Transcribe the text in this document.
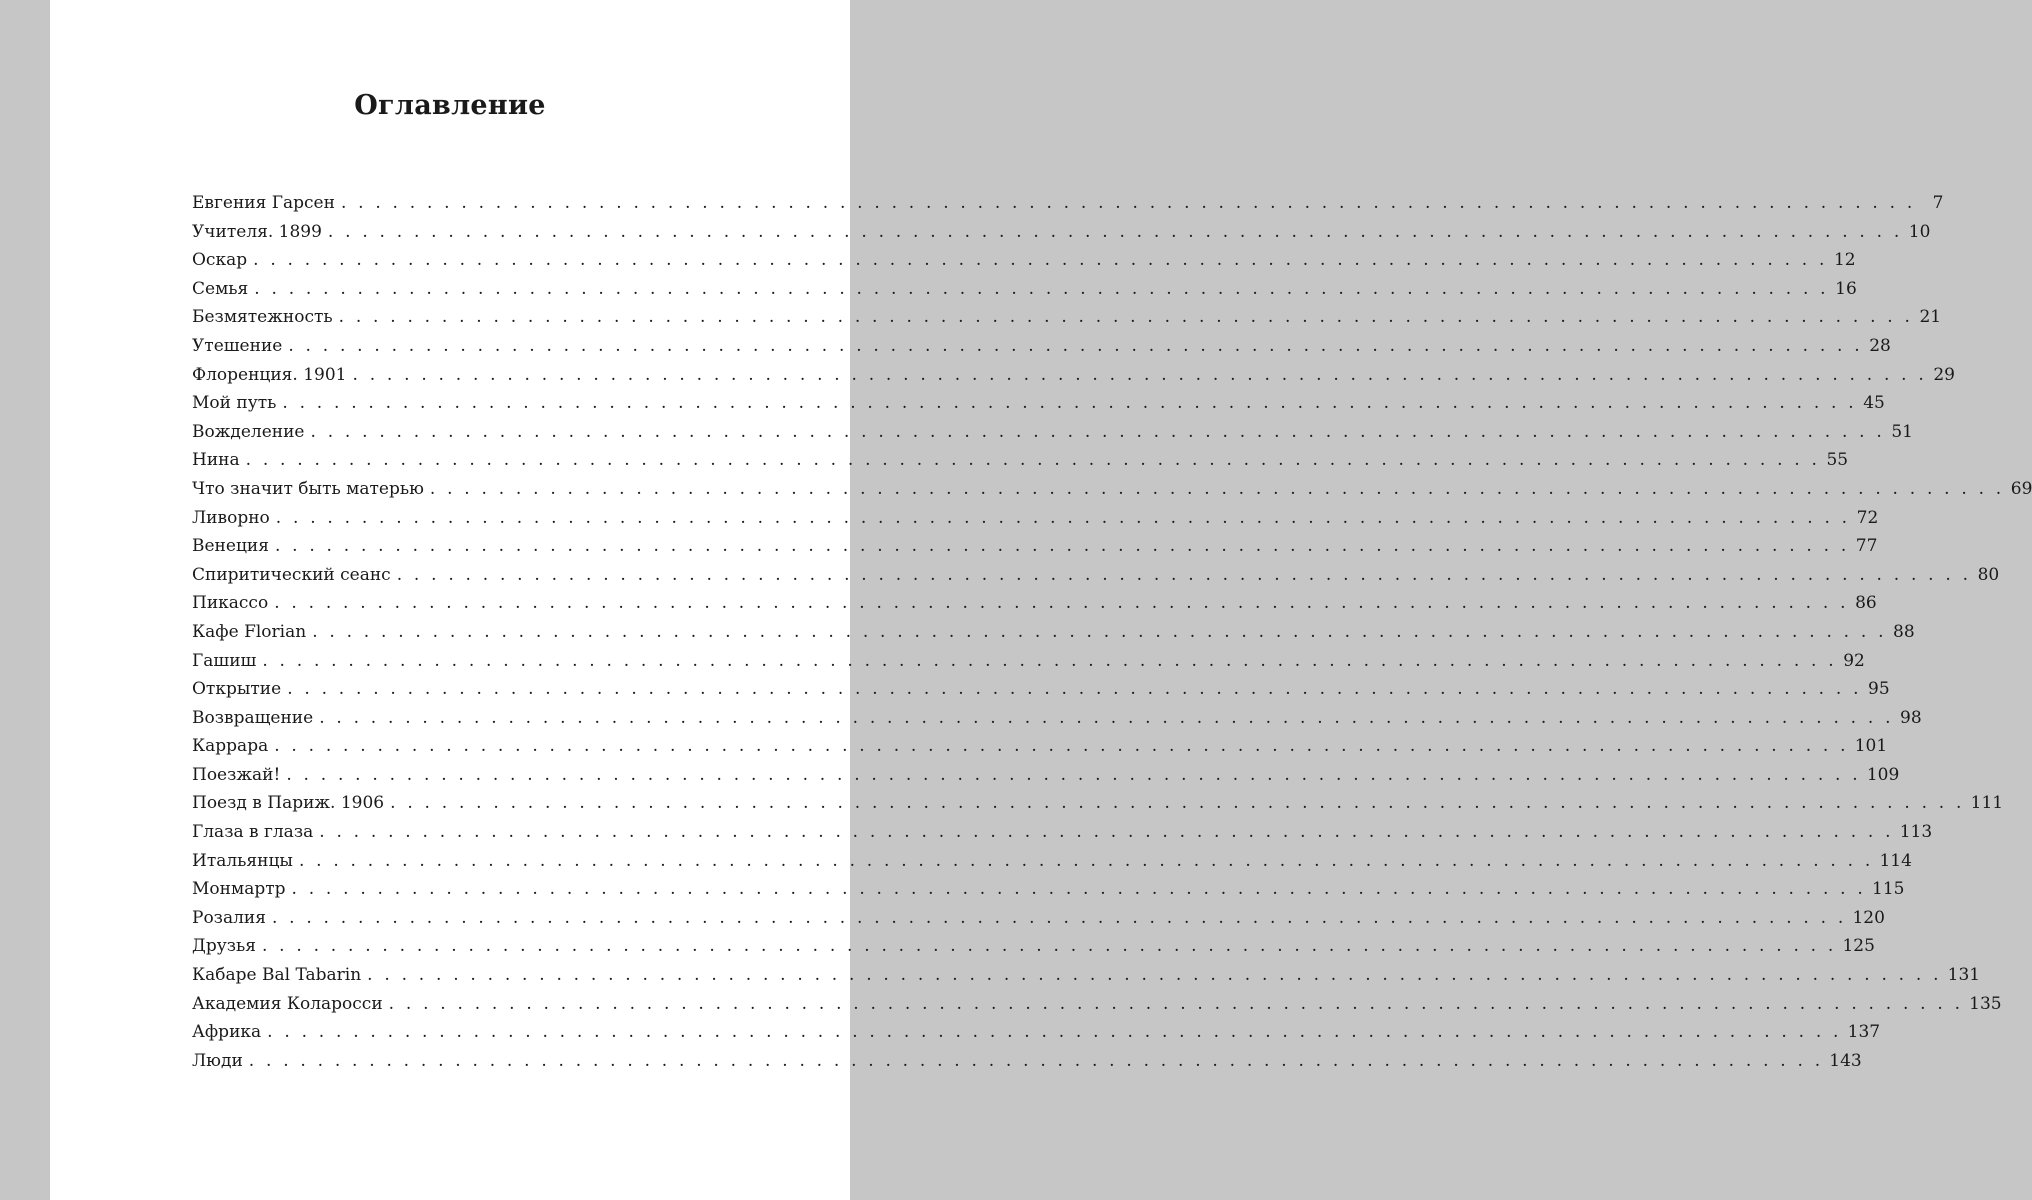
Оглавление
Евгения Гарсен . . . . . . . . . . . . . . . . . . . . . . . . . . . . . . . . . . . . . . . . . . . . . . . . . . . . . . . . . . . . . . . . . . . . . . . . . . . . . . . . . . . . . . . . . . . .	7
Учителя. 1899 . . . . . . . . . . . . . . . . . . . . . . . . . . . . . . . . . . . . . . . . . . . . . . . . . . . . . . . . . . . . . . . . . . . . . . . . . . . . . . . . . . . . . . . . . . . . 10
Оскар . . . . . . . . . . . . . . . . . . . . . . . . . . . . . . . . . . . . . . . . . . . . . . . . . . . . . . . . . . . . . . . . . . . . . . . . . . . . . . . . . . . . . . . . . . . . 12
Семья . . . . . . . . . . . . . . . . . . . . . . . . . . . . . . . . . . . . . . . . . . . . . . . . . . . . . . . . . . . . . . . . . . . . . . . . . . . . . . . . . . . . . . . . . . . . 16
Безмятежность . . . . . . . . . . . . . . . . . . . . . . . . . . . . . . . . . . . . . . . . . . . . . . . . . . . . . . . . . . . . . . . . . . . . . . . . . . . . . . . . . . . . . . . . . . . . 21
Утешение . . . . . . . . . . . . . . . . . . . . . . . . . . . . . . . . . . . . . . . . . . . . . . . . . . . . . . . . . . . . . . . . . . . . . . . . . . . . . . . . . . . . . . . . . . . . 28
Флоренция. 1901 . . . . . . . . . . . . . . . . . . . . . . . . . . . . . . . . . . . . . . . . . . . . . . . . . . . . . . . . . . . . . . . . . . . . . . . . . . . . . . . . . . . . . . . . . . . . 29
Мой путь . . . . . . . . . . . . . . . . . . . . . . . . . . . . . . . . . . . . . . . . . . . . . . . . . . . . . . . . . . . . . . . . . . . . . . . . . . . . . . . . . . . . . . . . . . . . 45
Вожделение . . . . . . . . . . . . . . . . . . . . . . . . . . . . . . . . . . . . . . . . . . . . . . . . . . . . . . . . . . . . . . . . . . . . . . . . . . . . . . . . . . . . . . . . . . . . 51
Нина . . . . . . . . . . . . . . . . . . . . . . . . . . . . . . . . . . . . . . . . . . . . . . . . . . . . . . . . . . . . . . . . . . . . . . . . . . . . . . . . . . . . . . . . . . . . 55
Что значит быть матерью . . . . . . . . . . . . . . . . . . . . . . . . . . . . . . . . . . . . . . . . . . . . . . . . . . . . . . . . . . . . . . . . . . . . . . . . . . . . . . . . . . . . . . . . . . . . 69
Ливорно . . . . . . . . . . . . . . . . . . . . . . . . . . . . . . . . . . . . . . . . . . . . . . . . . . . . . . . . . . . . . . . . . . . . . . . . . . . . . . . . . . . . . . . . . . . . 72
Венеция . . . . . . . . . . . . . . . . . . . . . . . . . . . . . . . . . . . . . . . . . . . . . . . . . . . . . . . . . . . . . . . . . . . . . . . . . . . . . . . . . . . . . . . . . . . . 77
Спиритический сеанс . . . . . . . . . . . . . . . . . . . . . . . . . . . . . . . . . . . . . . . . . . . . . . . . . . . . . . . . . . . . . . . . . . . . . . . . . . . . . . . . . . . . . . . . . . . . 80
Пикассо . . . . . . . . . . . . . . . . . . . . . . . . . . . . . . . . . . . . . . . . . . . . . . . . . . . . . . . . . . . . . . . . . . . . . . . . . . . . . . . . . . . . . . . . . . . . 86
Кафе Florian . . . . . . . . . . . . . . . . . . . . . . . . . . . . . . . . . . . . . . . . . . . . . . . . . . . . . . . . . . . . . . . . . . . . . . . . . . . . . . . . . . . . . . . . . . . . 88
Гашиш . . . . . . . . . . . . . . . . . . . . . . . . . . . . . . . . . . . . . . . . . . . . . . . . . . . . . . . . . . . . . . . . . . . . . . . . . . . . . . . . . . . . . . . . . . . . 92
Открытие . . . . . . . . . . . . . . . . . . . . . . . . . . . . . . . . . . . . . . . . . . . . . . . . . . . . . . . . . . . . . . . . . . . . . . . . . . . . . . . . . . . . . . . . . . . . 95
Возвращение . . . . . . . . . . . . . . . . . . . . . . . . . . . . . . . . . . . . . . . . . . . . . . . . . . . . . . . . . . . . . . . . . . . . . . . . . . . . . . . . . . . . . . . . . . . . 98
Каррара . . . . . . . . . . . . . . . . . . . . . . . . . . . . . . . . . . . . . . . . . . . . . . . . . . . . . . . . . . . . . . . . . . . . . . . . . . . . . . . . . . . . . . . . . . . . 101
Поезжай! . . . . . . . . . . . . . . . . . . . . . . . . . . . . . . . . . . . . . . . . . . . . . . . . . . . . . . . . . . . . . . . . . . . . . . . . . . . . . . . . . . . . . . . . . . . . 109
Поезд в Париж. 1906 . . . . . . . . . . . . . . . . . . . . . . . . . . . . . . . . . . . . . . . . . . . . . . . . . . . . . . . . . . . . . . . . . . . . . . . . . . . . . . . . . . . . . . . . . . . . 111
Глаза в глаза . . . . . . . . . . . . . . . . . . . . . . . . . . . . . . . . . . . . . . . . . . . . . . . . . . . . . . . . . . . . . . . . . . . . . . . . . . . . . . . . . . . . . . . . . . . . 113
Итальянцы . . . . . . . . . . . . . . . . . . . . . . . . . . . . . . . . . . . . . . . . . . . . . . . . . . . . . . . . . . . . . . . . . . . . . . . . . . . . . . . . . . . . . . . . . . . . 114
Монмартр . . . . . . . . . . . . . . . . . . . . . . . . . . . . . . . . . . . . . . . . . . . . . . . . . . . . . . . . . . . . . . . . . . . . . . . . . . . . . . . . . . . . . . . . . . . . 115
Розалия . . . . . . . . . . . . . . . . . . . . . . . . . . . . . . . . . . . . . . . . . . . . . . . . . . . . . . . . . . . . . . . . . . . . . . . . . . . . . . . . . . . . . . . . . . . . 120
Друзья . . . . . . . . . . . . . . . . . . . . . . . . . . . . . . . . . . . . . . . . . . . . . . . . . . . . . . . . . . . . . . . . . . . . . . . . . . . . . . . . . . . . . . . . . . . . 125
Кабаре Bal Tabarin . . . . . . . . . . . . . . . . . . . . . . . . . . . . . . . . . . . . . . . . . . . . . . . . . . . . . . . . . . . . . . . . . . . . . . . . . . . . . . . . . . . . . . . . . . . . 131
Академия Коларосси . . . . . . . . . . . . . . . . . . . . . . . . . . . . . . . . . . . . . . . . . . . . . . . . . . . . . . . . . . . . . . . . . . . . . . . . . . . . . . . . . . . . . . . . . . . . 135
Африка . . . . . . . . . . . . . . . . . . . . . . . . . . . . . . . . . . . . . . . . . . . . . . . . . . . . . . . . . . . . . . . . . . . . . . . . . . . . . . . . . . . . . . . . . . . . 137
Люди . . . . . . . . . . . . . . . . . . . . . . . . . . . . . . . . . . . . . . . . . . . . . . . . . . . . . . . . . . . . . . . . . . . . . . . . . . . . . . . . . . . . . . . . . . . . 143
